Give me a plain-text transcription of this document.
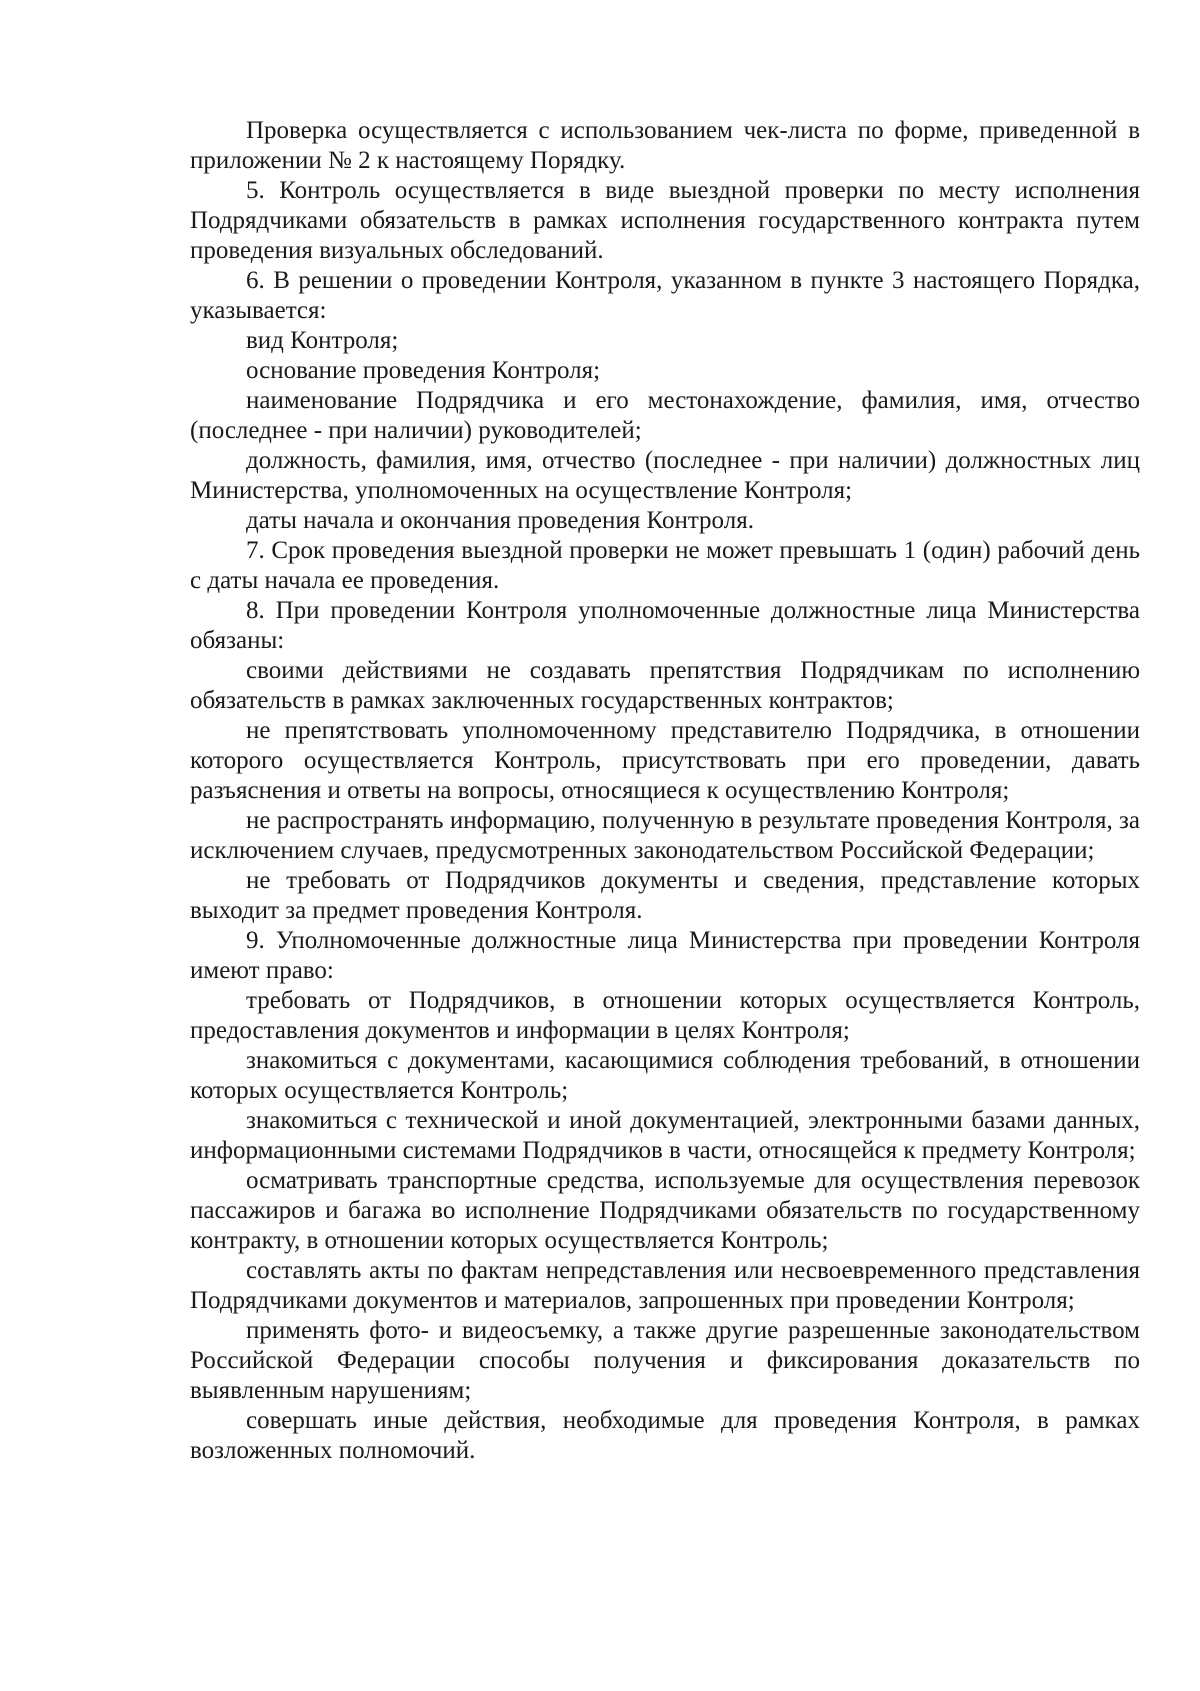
Проверка осуществляется с использованием чек-листа по форме, приведенной в приложении № 2 к настоящему Порядку.

5. Контроль осуществляется в виде выездной проверки по месту исполнения Подрядчиками обязательств в рамках исполнения государственного контракта путем проведения визуальных обследований.

6. В решении о проведении Контроля, указанном в пункте 3 настоящего Порядка, указывается:

вид Контроля;

основание проведения Контроля;

наименование Подрядчика и его местонахождение, фамилия, имя, отчество (последнее - при наличии) руководителей;

должность, фамилия, имя, отчество (последнее - при наличии) должностных лиц Министерства, уполномоченных на осуществление Контроля;

даты начала и окончания проведения Контроля.

7. Срок проведения выездной проверки не может превышать 1 (один) рабочий день с даты начала ее проведения.

8. При проведении Контроля уполномоченные должностные лица Министерства обязаны:

своими действиями не создавать препятствия Подрядчикам по исполнению обязательств в рамках заключенных государственных контрактов;

не препятствовать уполномоченному представителю Подрядчика, в отношении которого осуществляется Контроль, присутствовать при его проведении, давать разъяснения и ответы на вопросы, относящиеся к осуществлению Контроля;

не распространять информацию, полученную в результате проведения Контроля, за исключением случаев, предусмотренных законодательством Российской Федерации;

не требовать от Подрядчиков документы и сведения, представление которых выходит за предмет проведения Контроля.

9. Уполномоченные должностные лица Министерства при проведении Контроля имеют право:

требовать от Подрядчиков, в отношении которых осуществляется Контроль, предоставления документов и информации в целях Контроля;

знакомиться с документами, касающимися соблюдения требований, в отношении которых осуществляется Контроль;

знакомиться с технической и иной документацией, электронными базами данных, информационными системами Подрядчиков в части, относящейся к предмету Контроля;

осматривать транспортные средства, используемые для осуществления перевозок пассажиров и багажа во исполнение Подрядчиками обязательств по государственному контракту, в отношении которых осуществляется Контроль;

составлять акты по фактам непредставления или несвоевременного представления Подрядчиками документов и материалов, запрошенных при проведении Контроля;

применять фото- и видеосъемку, а также другие разрешенные законодательством Российской Федерации способы получения и фиксирования доказательств по выявленным нарушениям;

совершать иные действия, необходимые для проведения Контроля, в рамках возложенных полномочий.
